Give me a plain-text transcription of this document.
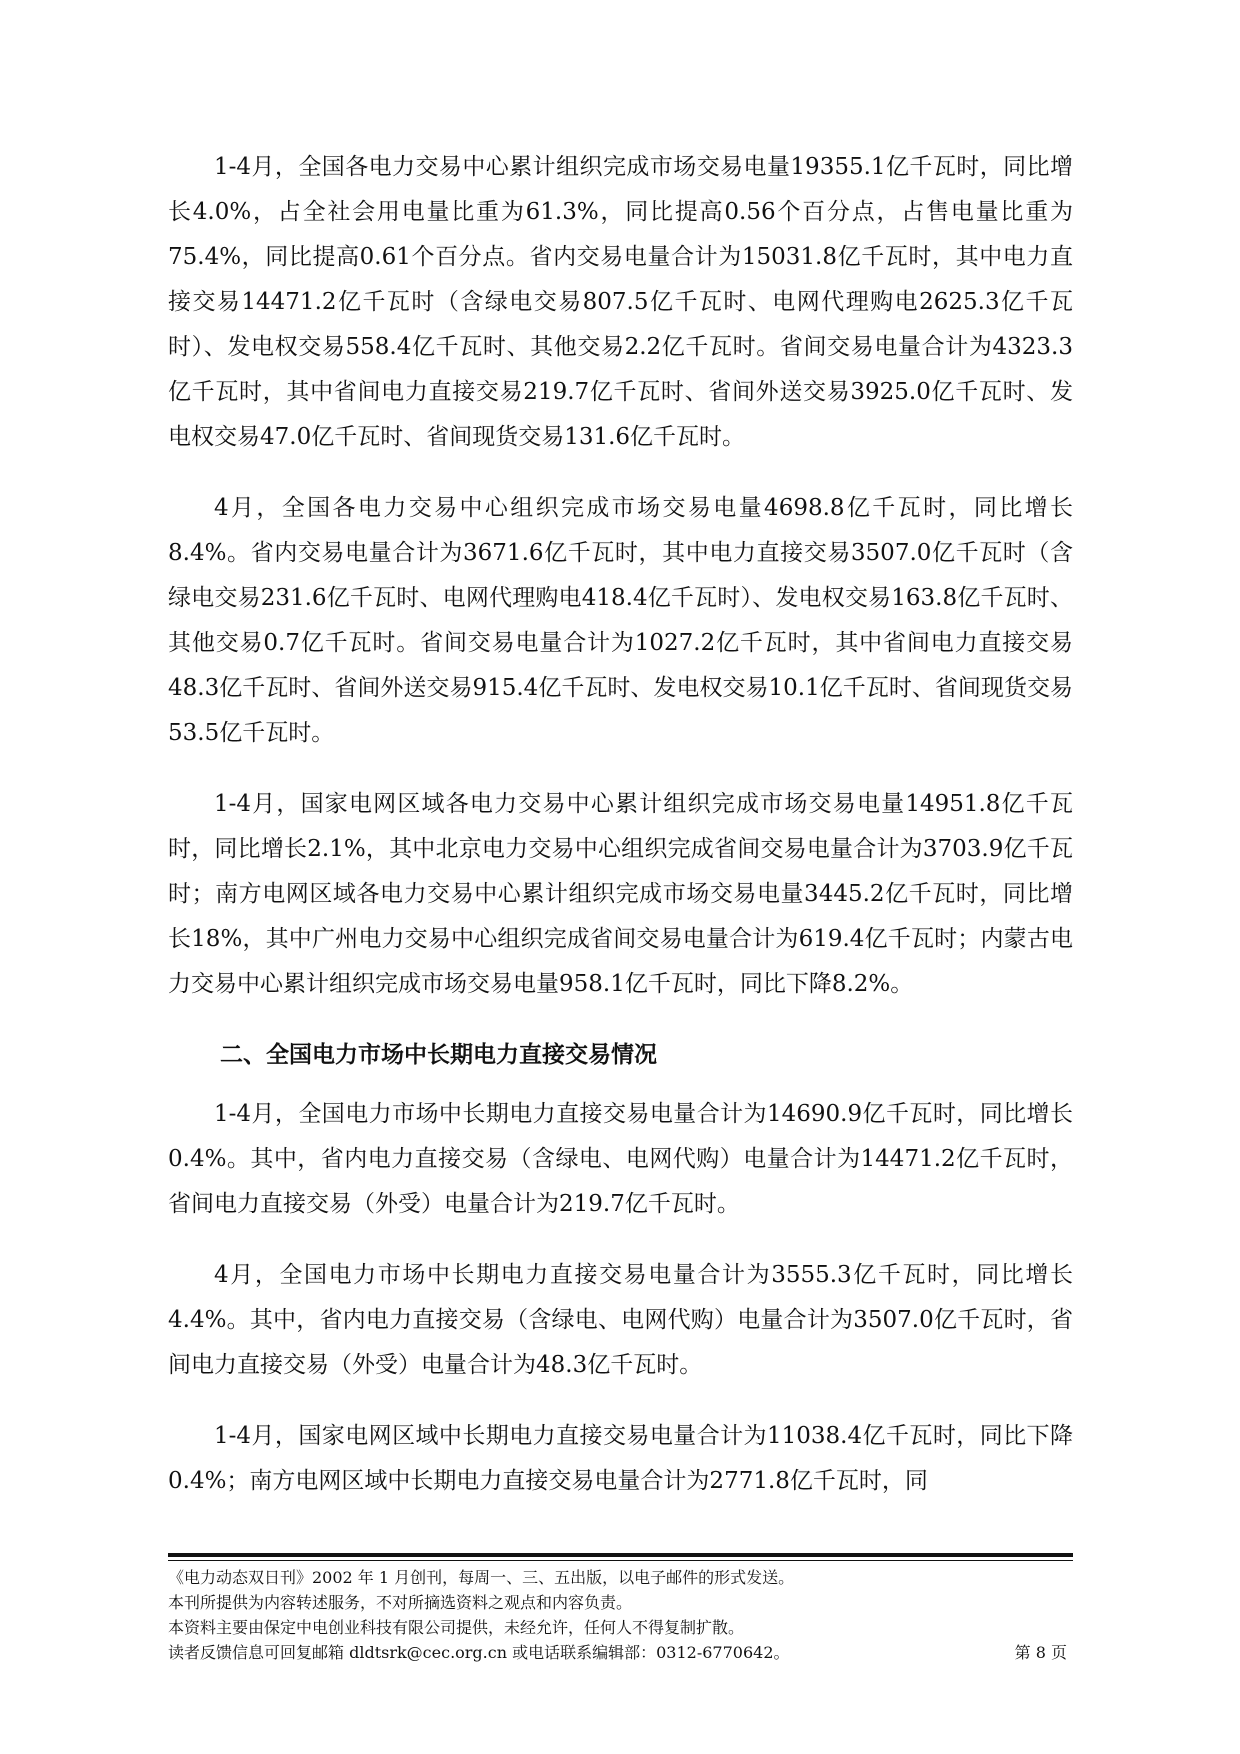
1-4月，全国各电力交易中心累计组织完成市场交易电量19355.1亿千瓦时，同比增长4.0%，占全社会用电量比重为61.3%，同比提高0.56个百分点，占售电量比重为75.4%，同比提高0.61个百分点。省内交易电量合计为15031.8亿千瓦时，其中电力直接交易14471.2亿千瓦时（含绿电交易807.5亿千瓦时、电网代理购电2625.3亿千瓦时）、发电权交易558.4亿千瓦时、其他交易2.2亿千瓦时。省间交易电量合计为4323.3亿千瓦时，其中省间电力直接交易219.7亿千瓦时、省间外送交易3925.0亿千瓦时、发电权交易47.0亿千瓦时、省间现货交易131.6亿千瓦时。

4月，全国各电力交易中心组织完成市场交易电量4698.8亿千瓦时，同比增长8.4%。省内交易电量合计为3671.6亿千瓦时，其中电力直接交易3507.0亿千瓦时（含绿电交易231.6亿千瓦时、电网代理购电418.4亿千瓦时）、发电权交易163.8亿千瓦时、其他交易0.7亿千瓦时。省间交易电量合计为1027.2亿千瓦时，其中省间电力直接交易48.3亿千瓦时、省间外送交易915.4亿千瓦时、发电权交易10.1亿千瓦时、省间现货交易53.5亿千瓦时。

1-4月，国家电网区域各电力交易中心累计组织完成市场交易电量14951.8亿千瓦时，同比增长2.1%，其中北京电力交易中心组织完成省间交易电量合计为3703.9亿千瓦时；南方电网区域各电力交易中心累计组织完成市场交易电量3445.2亿千瓦时，同比增长18%，其中广州电力交易中心组织完成省间交易电量合计为619.4亿千瓦时；内蒙古电力交易中心累计组织完成市场交易电量958.1亿千瓦时，同比下降8.2%。

二、全国电力市场中长期电力直接交易情况

1-4月，全国电力市场中长期电力直接交易电量合计为14690.9亿千瓦时，同比增长0.4%。其中，省内电力直接交易（含绿电、电网代购）电量合计为14471.2亿千瓦时，省间电力直接交易（外受）电量合计为219.7亿千瓦时。

4月，全国电力市场中长期电力直接交易电量合计为3555.3亿千瓦时，同比增长4.4%。其中，省内电力直接交易（含绿电、电网代购）电量合计为3507.0亿千瓦时，省间电力直接交易（外受）电量合计为48.3亿千瓦时。

1-4月，国家电网区域中长期电力直接交易电量合计为11038.4亿千瓦时，同比下降0.4%；南方电网区域中长期电力直接交易电量合计为2771.8亿千瓦时，同

《电力动态双日刊》2002 年 1 月创刊，每周一、三、五出版，以电子邮件的形式发送。
本刊所提供为内容转述服务，不对所摘选资料之观点和内容负责。
本资料主要由保定中电创业科技有限公司提供，未经允许，任何人不得复制扩散。
读者反馈信息可回复邮箱 dldtsrk@cec.org.cn 或电话联系编辑部：0312-6770642。	第 8 页
